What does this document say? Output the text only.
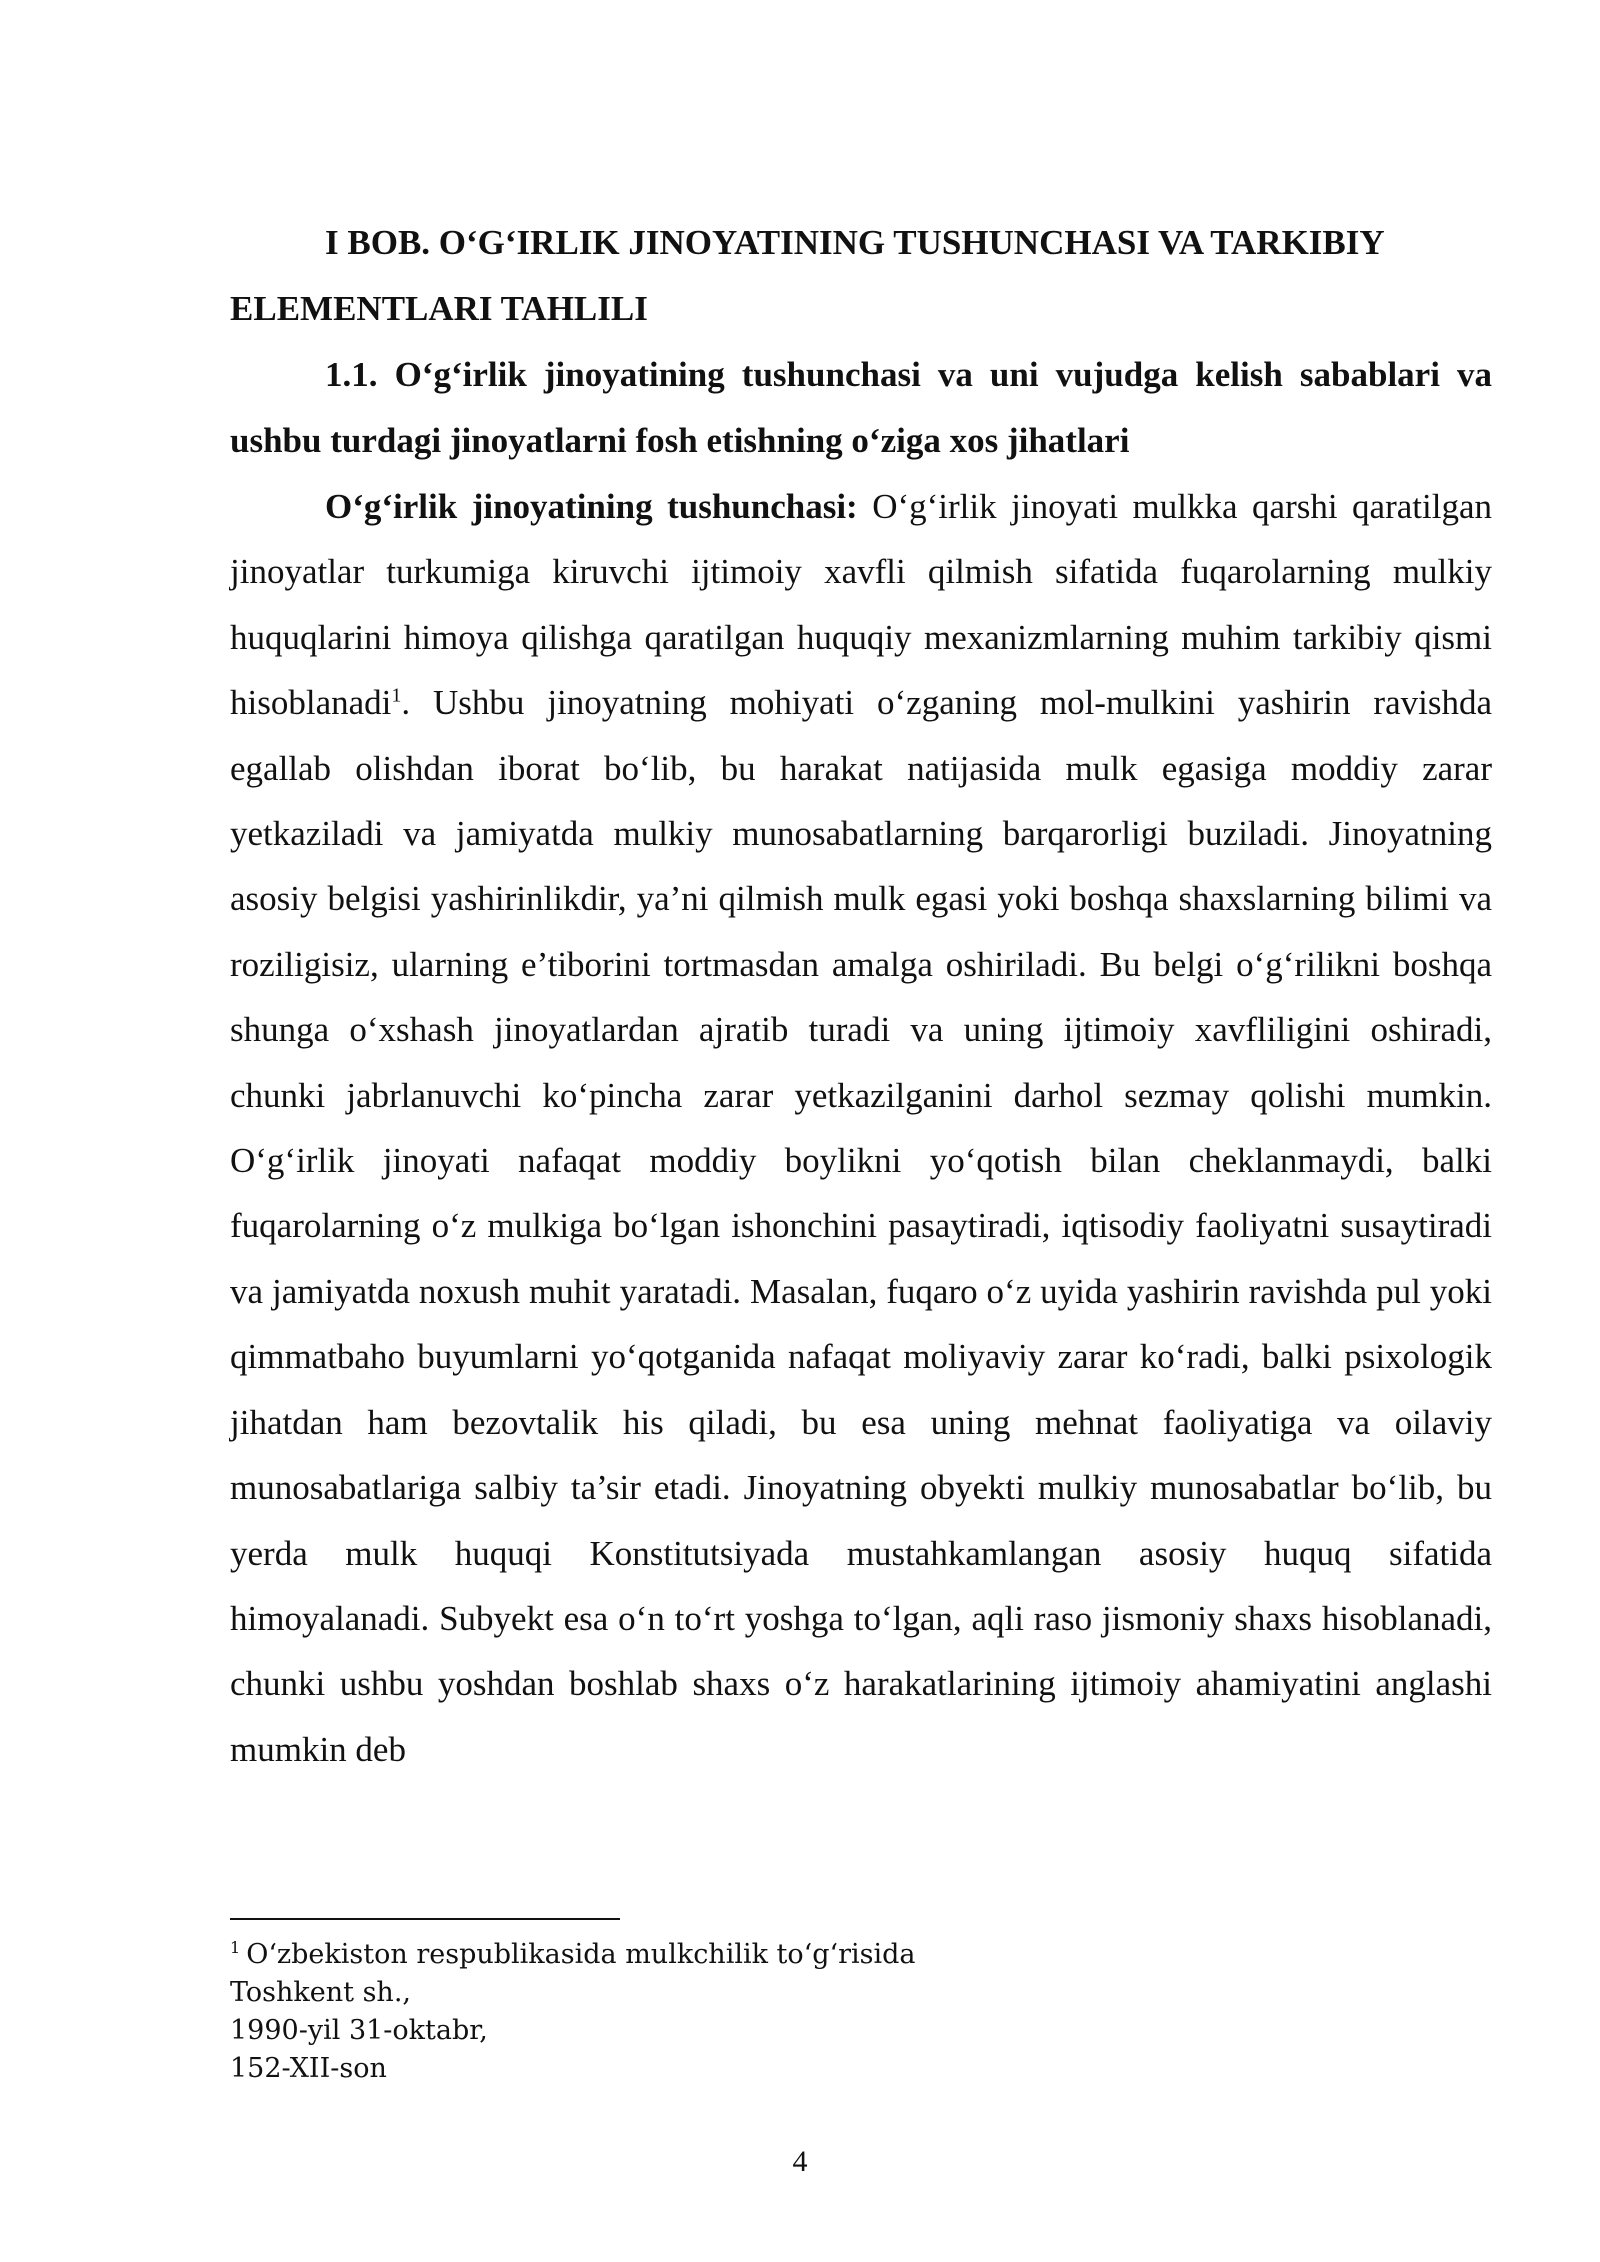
I BOB. O‘G‘IRLIK JINOYATINING TUSHUNCHASI VA TARKIBIY ELEMENTLARI TAHLILI

1.1. O‘g‘irlik jinoyatining tushunchasi va uni vujudga kelish sabablari va ushbu turdagi jinoyatlarni fosh etishning o‘ziga xos jihatlari

O‘g‘irlik jinoyatining tushunchasi: O‘g‘irlik jinoyati mulkka qarshi qaratilgan jinoyatlar turkumiga kiruvchi ijtimoiy xavfli qilmish sifatida fuqarolarning mulkiy huquqlarini himoya qilishga qaratilgan huquqiy mexanizmlarning muhim tarkibiy qismi hisoblanadi$^1$. Ushbu jinoyatning mohiyati o‘zganing mol-mulkini yashirin ravishda egallab olishdan iborat bo‘lib, bu harakat natijasida mulk egasiga moddiy zarar yetkaziladi va jamiyatda mulkiy munosabatlarning barqarorligi buziladi. Jinoyatning asosiy belgisi yashirinlikdir, ya’ni qilmish mulk egasi yoki boshqa shaxslarning bilimi va roziligisiz, ularning e’tiborini tortmasdan amalga oshiriladi. Bu belgi o‘g‘rilikni boshqa shunga o‘xshash jinoyatlardan ajratib turadi va uning ijtimoiy xavfliligini oshiradi, chunki jabrlanuvchi ko‘pincha zarar yetkazilganini darhol sezmay qolishi mumkin. O‘g‘irlik jinoyati nafaqat moddiy boylikni yo‘qotish bilan cheklanmaydi, balki fuqarolarning o‘z mulkiga bo‘lgan ishonchini pasaytiradi, iqtisodiy faoliyatni susaytiradi va jamiyatda noxush muhit yaratadi. Masalan, fuqaro o‘z uyida yashirin ravishda pul yoki qimmatbaho buyumlarni yo‘qotganida nafaqat moliyaviy zarar ko‘radi, balki psixologik jihatdan ham bezovtalik his qiladi, bu esa uning mehnat faoliyatiga va oilaviy munosabatlariga salbiy ta’sir etadi. Jinoyatning obyekti mulkiy munosabatlar bo‘lib, bu yerda mulk huquqi Konstitutsiyada mustahkamlangan asosiy huquq sifatida himoyalanadi. Subyekt esa o‘n to‘rt yoshga to‘lgan, aqli raso jismoniy shaxs hisoblanadi, chunki ushbu yoshdan boshlab shaxs o‘z harakatlarining ijtimoiy ahamiyatini anglashi mumkin deb

$^1$ O‘zbekiston respublikasida mulkchilik to‘g‘risida
Toshkent sh.,
1990-yil 31-oktabr,
152-XII-son
4
